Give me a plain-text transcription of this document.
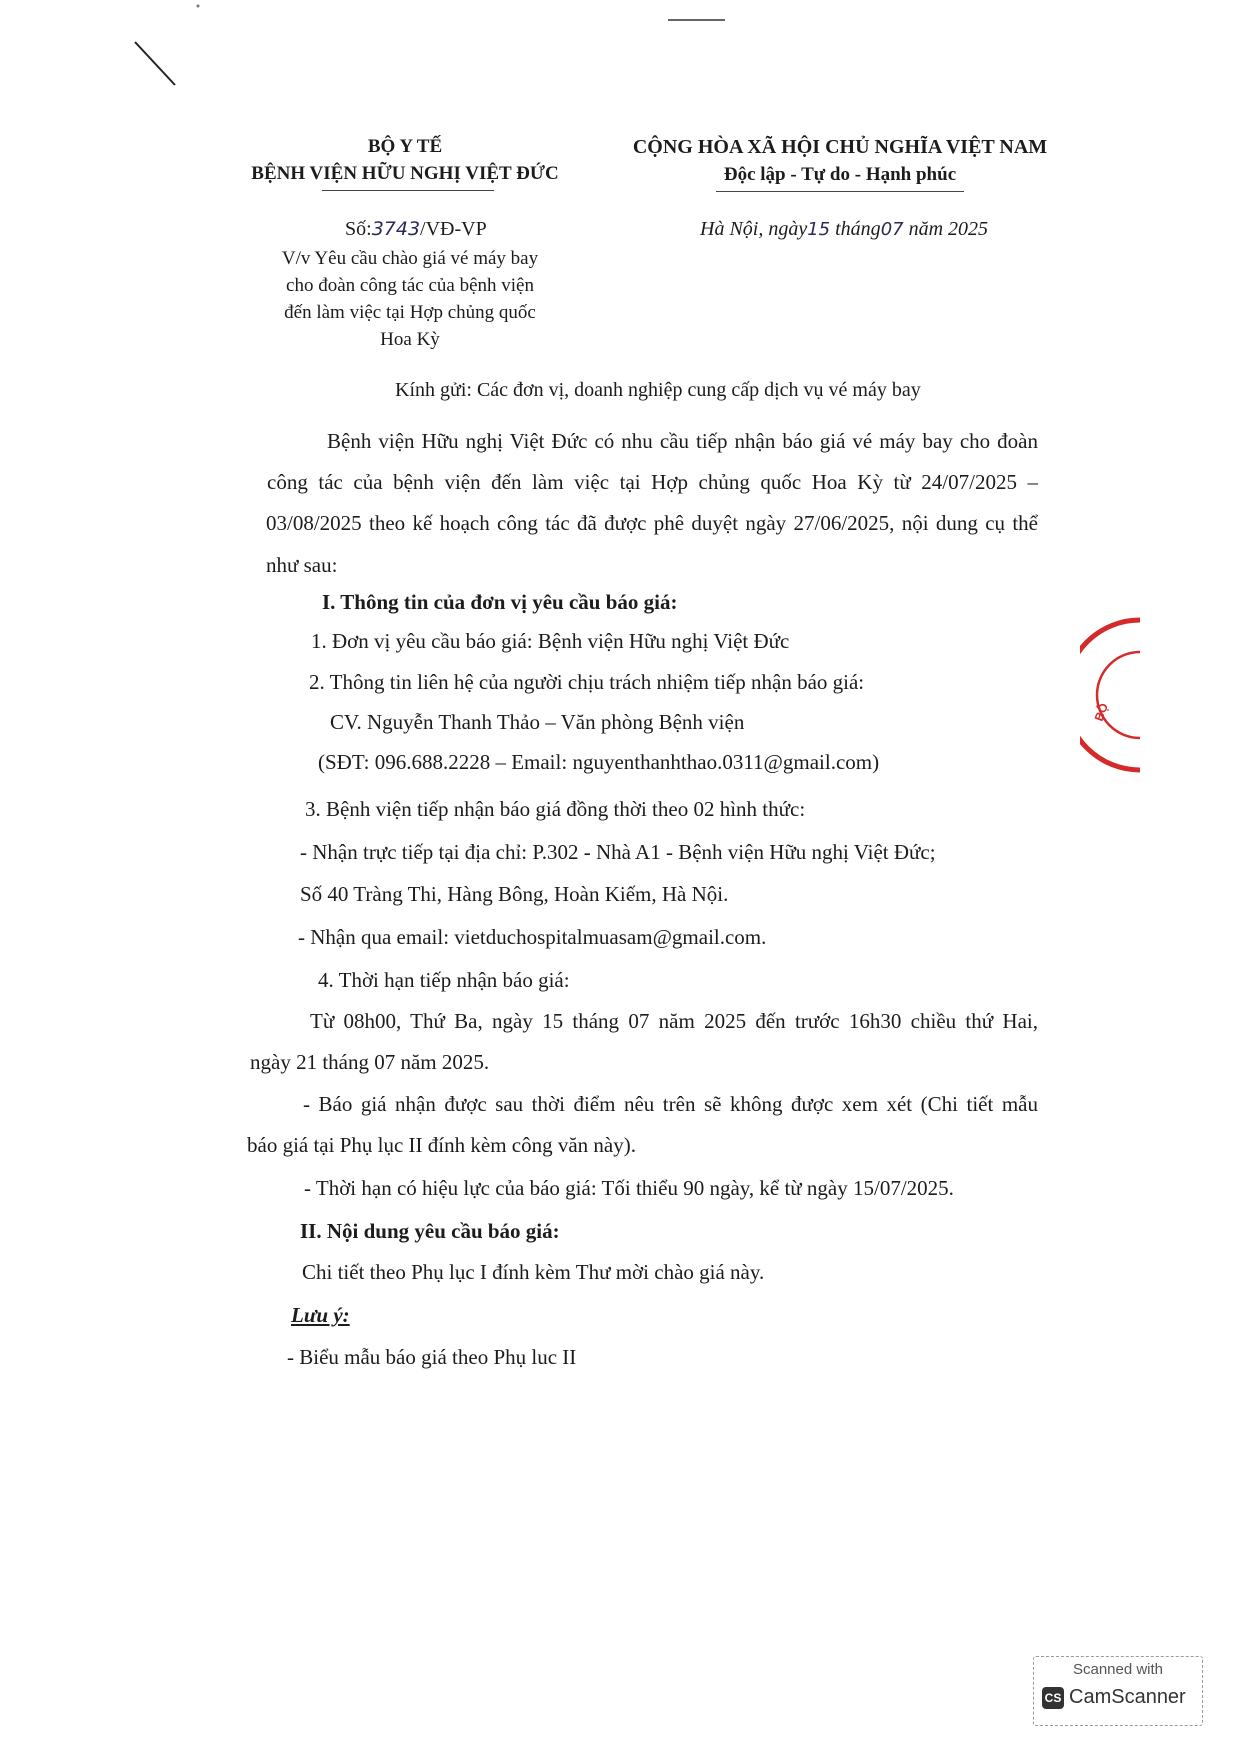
BỘ Y TẾ
BỆNH VIỆN HỮU NGHỊ VIỆT ĐỨC
Số:3743/VĐ-VP
V/v Yêu cầu chào giá vé máy bay
cho đoàn công tác của bệnh viện
đến làm việc tại Hợp chủng quốc
Hoa Kỳ
CỘNG HÒA XÃ HỘI CHỦ NGHĨA VIỆT NAM
Độc lập - Tự do - Hạnh phúc
Hà Nội, ngày15 tháng07 năm 2025
Kính gửi: Các đơn vị, doanh nghiệp cung cấp dịch vụ vé máy bay
Bệnh viện Hữu nghị Việt Đức có nhu cầu tiếp nhận báo giá vé máy bay cho đoàn
công tác của bệnh viện đến làm việc tại Hợp chủng quốc Hoa Kỳ từ 24/07/2025 –
03/08/2025 theo kế hoạch công tác đã được phê duyệt ngày 27/06/2025, nội dung cụ thể
như sau:
I. Thông tin của đơn vị yêu cầu báo giá:
1. Đơn vị yêu cầu báo giá: Bệnh viện Hữu nghị Việt Đức
2. Thông tin liên hệ của người chịu trách nhiệm tiếp nhận báo giá:
CV. Nguyễn Thanh Thảo – Văn phòng Bệnh viện
(SĐT: 096.688.2228 – Email: nguyenthanhthao.0311@gmail.com)
3. Bệnh viện tiếp nhận báo giá đồng thời theo 02 hình thức:
- Nhận trực tiếp tại địa chỉ: P.302 - Nhà A1 - Bệnh viện Hữu nghị Việt Đức;
Số 40 Tràng Thi, Hàng Bông, Hoàn Kiếm, Hà Nội.
- Nhận qua email: vietduchospitalmuasam@gmail.com.
4. Thời hạn tiếp nhận báo giá:
Từ 08h00, Thứ Ba, ngày 15 tháng 07 năm 2025 đến trước 16h30 chiều thứ Hai,
ngày 21 tháng 07 năm 2025.
- Báo giá nhận được sau thời điểm nêu trên sẽ không được xem xét (Chi tiết mẫu
báo giá tại Phụ lục II đính kèm công văn này).
- Thời hạn có hiệu lực của báo giá: Tối thiểu 90 ngày, kể từ ngày 15/07/2025.
II. Nội dung yêu cầu báo giá:
Chi tiết theo Phụ lục I đính kèm Thư mời chào giá này.
Lưu ý:
- Biểu mẫu báo giá theo Phụ luc II
BỘ
Scanned with
CS CamScanner
